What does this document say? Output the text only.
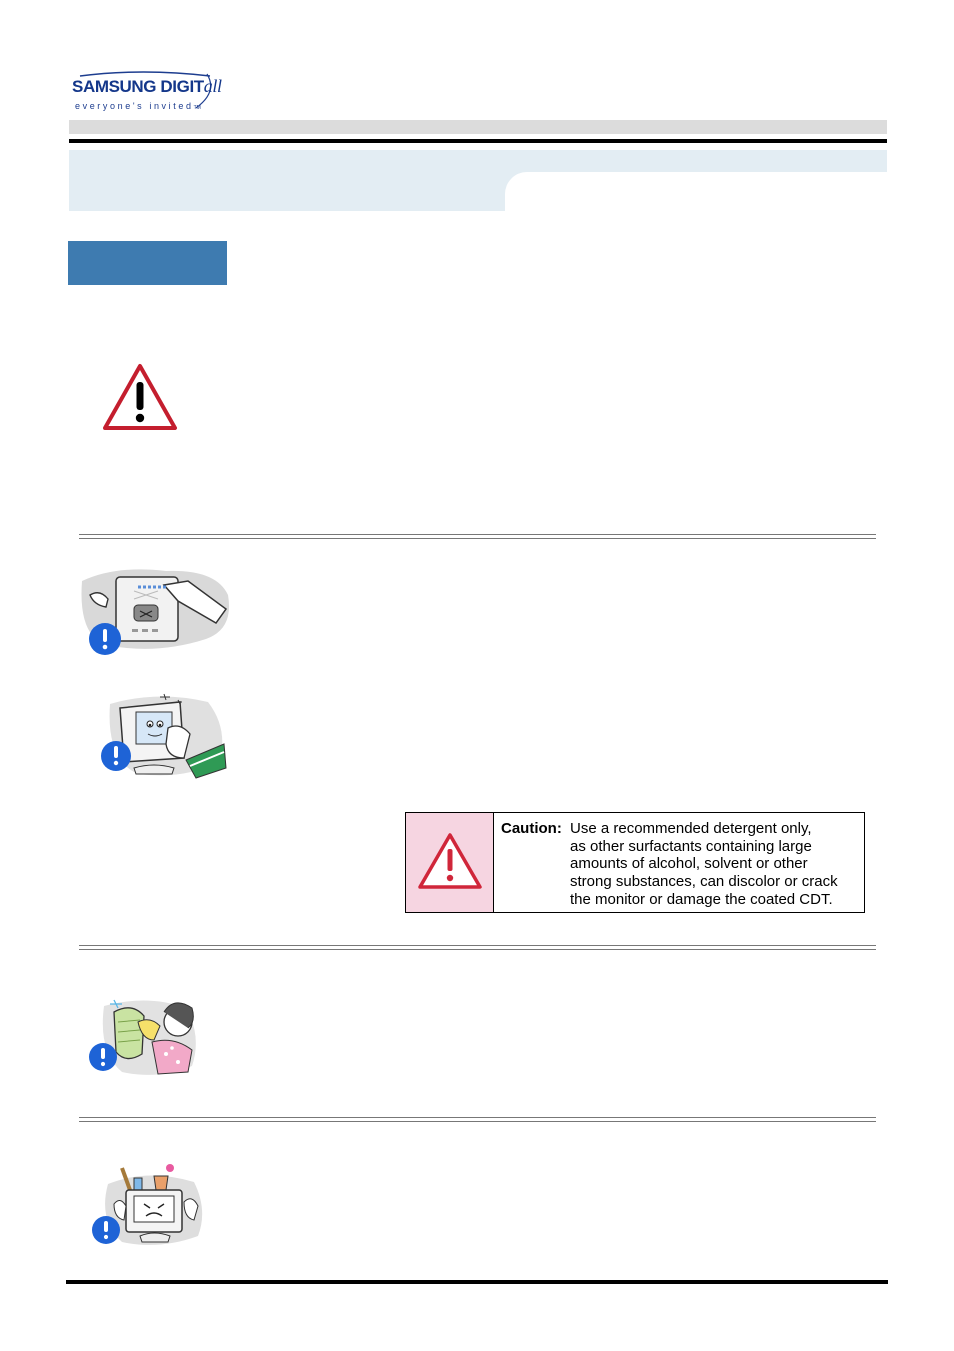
SAMSUNG DIGITall
everyone's invitedTM
Caution: Use a recommended detergent only,
as other surfactants containing large
amounts of alcohol, solvent or other
strong substances, can discolor or crack
the monitor or damage the coated CDT.
